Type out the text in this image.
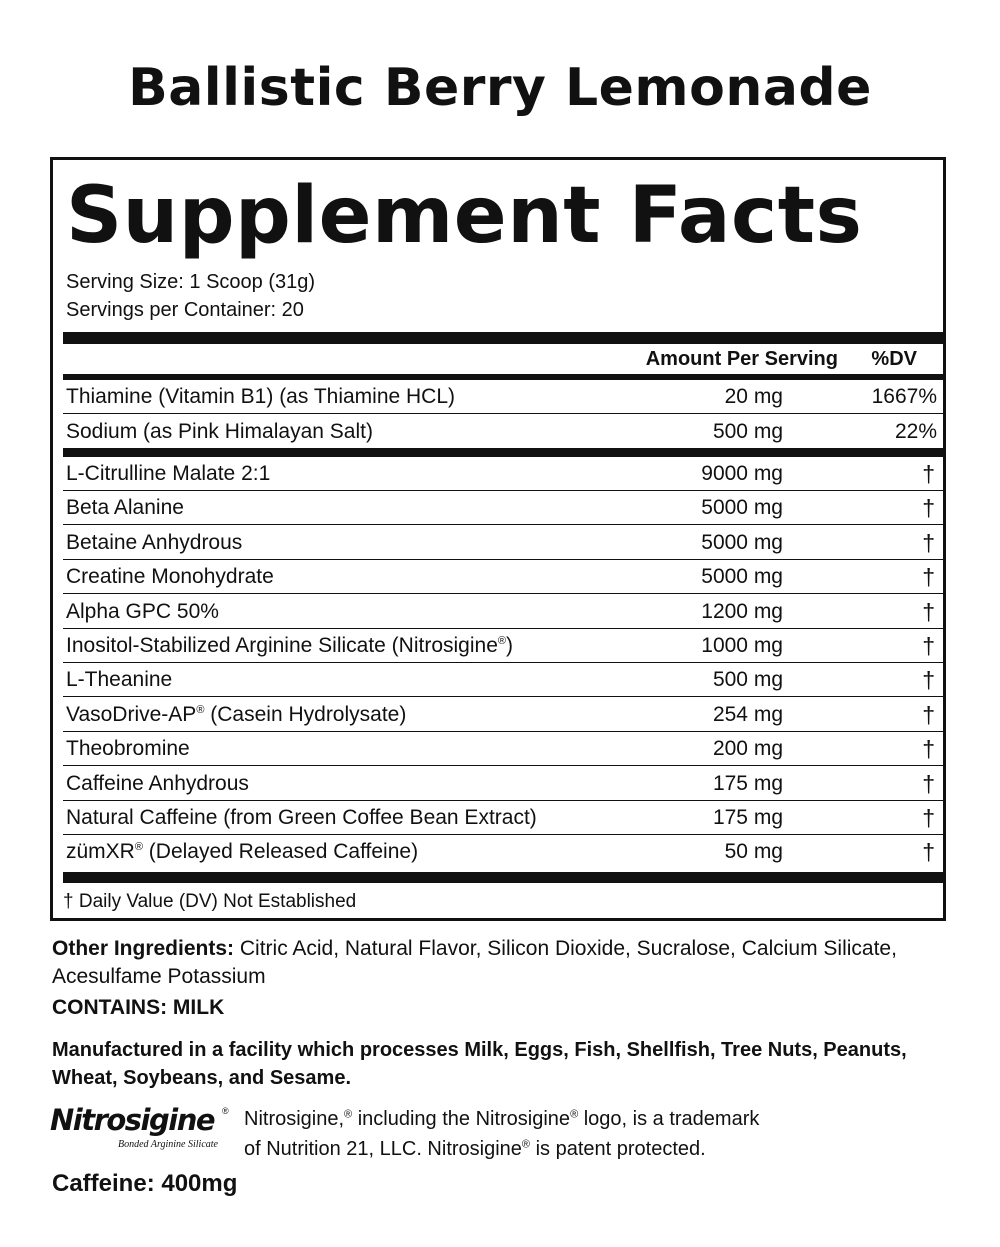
Ballistic Berry Lemonade
Supplement Facts
Serving Size: 1 Scoop (31g)
Servings per Container: 20
Amount Per Serving %DV
Thiamine (Vitamin B1) (as Thiamine HCL)	20 mg	1667%
Sodium (as Pink Himalayan Salt)	500 mg	22%
L-Citrulline Malate 2:1	9000 mg	†
Beta Alanine	5000 mg	†
Betaine Anhydrous	5000 mg	†
Creatine Monohydrate	5000 mg	†
Alpha GPC 50%	1200 mg	†
Inositol-Stabilized Arginine Silicate (Nitrosigine®)	1000 mg	†
L-Theanine	500 mg	†
VasoDrive-AP® (Casein Hydrolysate)	254 mg	†
Theobromine	200 mg	†
Caffeine Anhydrous	175 mg	†
Natural Caffeine (from Green Coffee Bean Extract)	175 mg	†
zümXR® (Delayed Released Caffeine)	50 mg	†
† Daily Value (DV) Not Established
Other Ingredients: Citric Acid, Natural Flavor, Silicon Dioxide, Sucralose, Calcium Silicate, Acesulfame Potassium
CONTAINS: MILK
Manufactured in a facility which processes Milk, Eggs, Fish, Shellfish, Tree Nuts, Peanuts, Wheat, Soybeans, and Sesame.
Nitrosigine ®
Bonded Arginine Silicate
Nitrosigine,® including the Nitrosigine® logo, is a trademark
of Nutrition 21, LLC. Nitrosigine® is patent protected.
Caffeine: 400mg
